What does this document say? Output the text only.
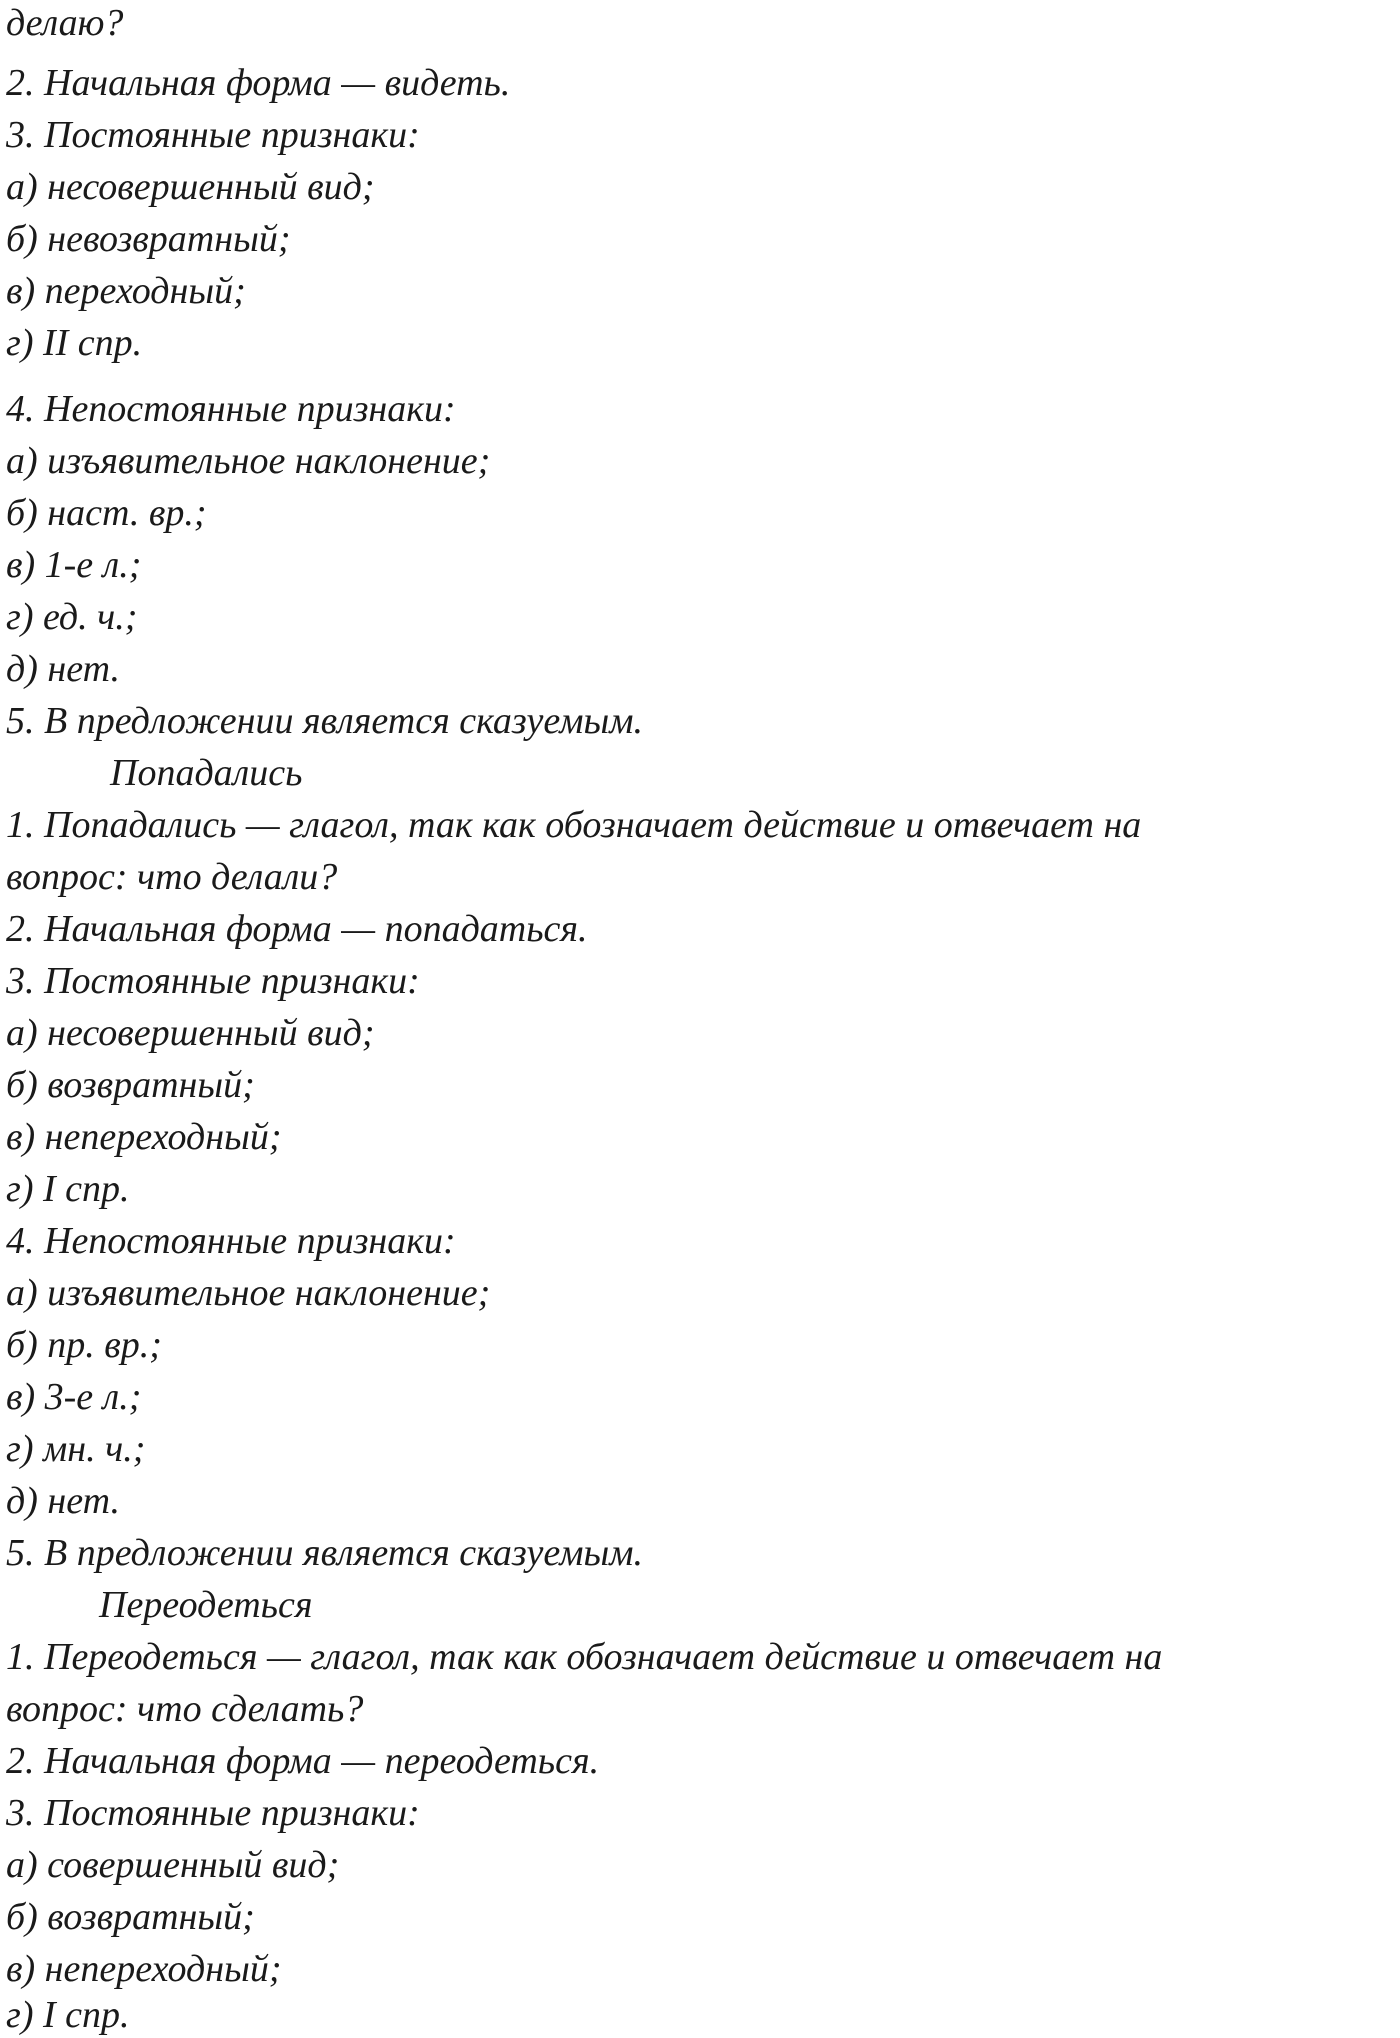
делаю?

2. Начальная форма — видеть.

3. Постоянные признаки:

а) несовершенный вид;

б) невозвратный;

в) переходный;

г) II спр.

4. Непостоянные признаки:

а) изъявительное наклонение;

б) наст. вр.;

в) 1-е л.;

г) ед. ч.;

д) нет.

5. В предложении является сказуемым.

Попадались

1. Попадались — глагол, так как обозначает действие и отвечает на

вопрос: что делали?

2. Начальная форма — попадаться.

3. Постоянные признаки:

а) несовершенный вид;

б) возвратный;

в) непереходный;

г) I спр.

4. Непостоянные признаки:

а) изъявительное наклонение;

б) пр. вр.;

в) 3-е л.;

г) мн. ч.;

д) нет.

5. В предложении является сказуемым.

Переодеться

1. Переодеться — глагол, так как обозначает действие и отвечает на

вопрос: что сделать?

2. Начальная форма — переодеться.

3. Постоянные признаки:

а) совершенный вид;

б) возвратный;

в) непереходный;

г) I спр.
